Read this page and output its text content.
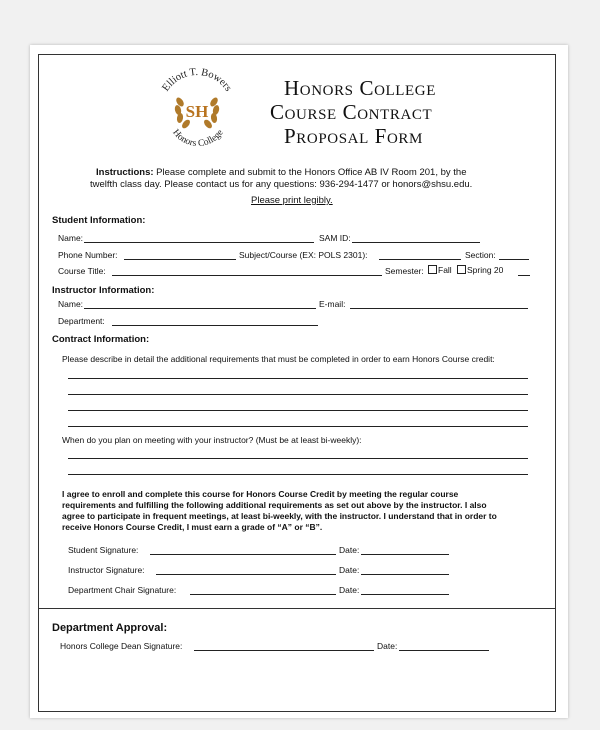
Elliott T. Bowers
Honors College
SH
Honors College
Course Contract
Proposal Form
Instructions: Please complete and submit to the Honors Office AB IV Room 201, by the
twelfth class day. Please contact us for any questions: 936-294-1477 or honors@shsu.edu.
Please print legibly.
Student Information:
Name:	SAM ID:
Phone Number:	Subject/Course (EX: POLS 2301):	Section:
Course Title:	Semester:	Fall	Spring 20
Instructor Information:
Name:	E-mail:
Department:
Contract Information:
Please describe in detail the additional requirements that must be completed in order to earn Honors Course credit:
When do you plan on meeting with your instructor? (Must be at least bi-weekly):
I agree to enroll and complete this course for Honors Course Credit by meeting the regular course
requirements and fulfilling the following additional requirements as set out above by the instructor. I also
agree to participate in frequent meetings, at least bi-weekly, with the instructor. I understand that in order to
receive Honors Course Credit, I must earn a grade of “A” or “B”.
Student Signature:	Date:
Instructor Signature:	Date:
Department Chair Signature:	Date:
Department Approval:
Honors College Dean Signature:	Date:
